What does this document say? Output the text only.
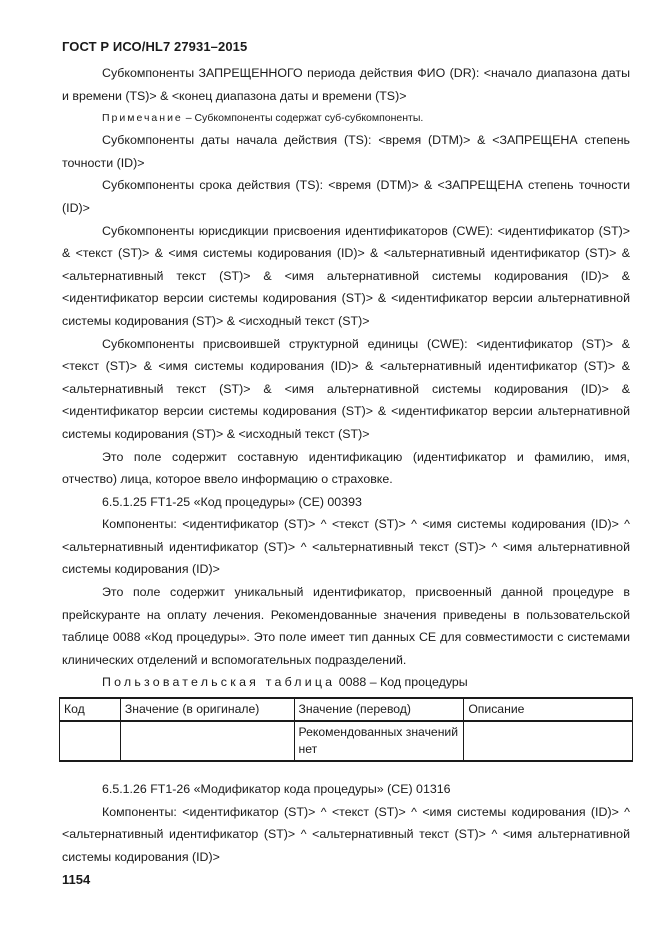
ГОСТ Р ИСО/HL7 27931–2015

Субкомпоненты ЗАПРЕЩЕННОГО периода действия ФИО (DR): <начало диапазона даты и времени (TS)> & <конец диапазона даты и времени (TS)>

Примечание – Субкомпоненты содержат суб-субкомпоненты.

Субкомпоненты даты начала действия (TS): <время (DTM)> & <ЗАПРЕЩЕНА степень точности (ID)>

Субкомпоненты срока действия (TS): <время (DTM)> & <ЗАПРЕЩЕНА степень точности (ID)>

Субкомпоненты юрисдикции присвоения идентификаторов (CWE): <идентификатор (ST)> & <текст (ST)> & <имя системы кодирования (ID)> & <альтернативный идентификатор (ST)> & <альтернативный текст (ST)> & <имя альтернативной системы кодирования (ID)> & <идентификатор версии системы кодирования (ST)> & <идентификатор версии альтернативной системы кодирования (ST)> & <исходный текст (ST)>

Субкомпоненты присвоившей структурной единицы (CWE): <идентификатор (ST)> & <текст (ST)> & <имя системы кодирования (ID)> & <альтернативный идентификатор (ST)> & <альтернативный текст (ST)> & <имя альтернативной системы кодирования (ID)> & <идентификатор версии системы кодирования (ST)> & <идентификатор версии альтернативной системы кодирования (ST)> & <исходный текст (ST)>

Это поле содержит составную идентификацию (идентификатор и фамилию, имя, отчество) лица, которое ввело информацию о страховке.

6.5.1.25 FT1-25 «Код процедуры» (CE) 00393

Компоненты: <идентификатор (ST)> ^ <текст (ST)> ^ <имя системы кодирования (ID)> ^ <альтернативный идентификатор (ST)> ^ <альтернативный текст (ST)> ^ <имя альтернативной системы кодирования (ID)>

Это поле содержит уникальный идентификатор, присвоенный данной процедуре в прейскуранте на оплату лечения. Рекомендованные значения приведены в пользовательской таблице 0088 «Код процедуры». Это поле имеет тип данных CE для совместимости с системами клинических отделений и вспомогательных подразделений.

Пользовательская таблица 0088 – Код процедуры

Код	Значение (в оригинале)	Значение (перевод)	Описание
		Рекомендованных значений нет	

6.5.1.26 FT1-26 «Модификатор кода процедуры» (CE) 01316

Компоненты: <идентификатор (ST)> ^ <текст (ST)> ^ <имя системы кодирования (ID)> ^ <альтернативный идентификатор (ST)> ^ <альтернативный текст (ST)> ^ <имя альтернативной системы кодирования (ID)>

1154
